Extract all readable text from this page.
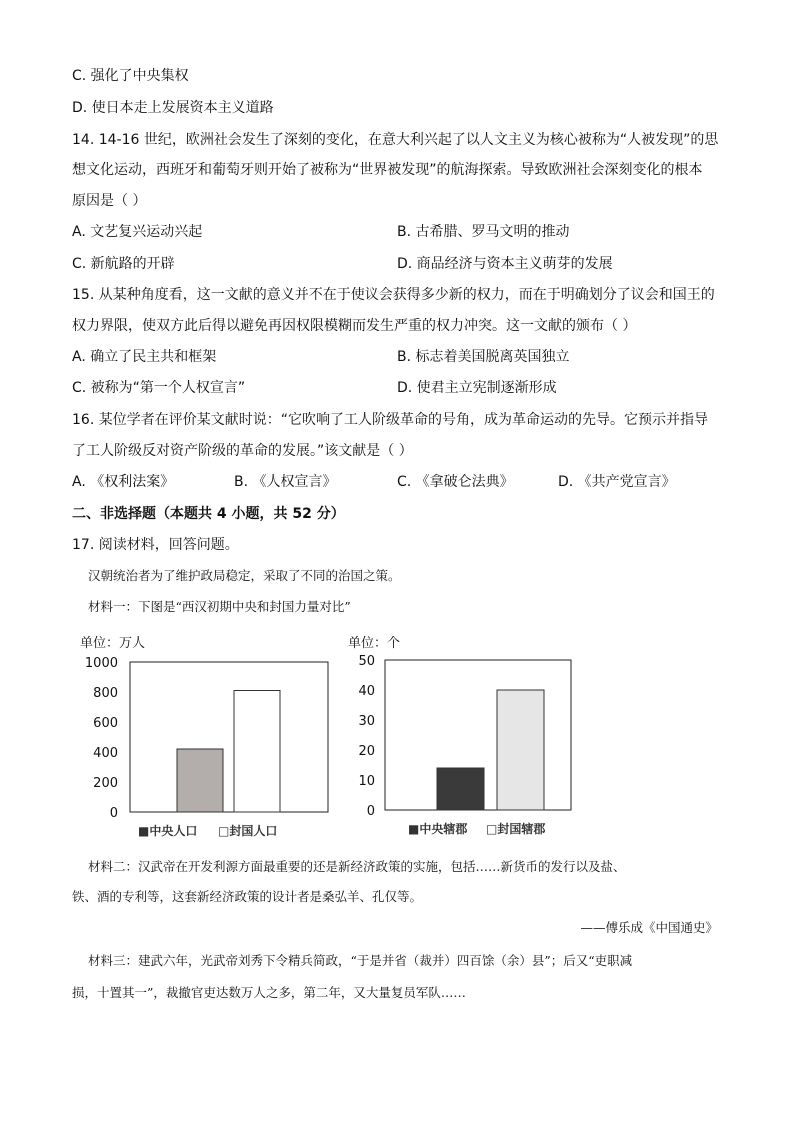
C. 强化了中央集权
D. 使日本走上发展资本主义道路
14. 14-16 世纪，欧洲社会发生了深刻的变化，在意大利兴起了以人文主义为核心被称为“人被发现”的思
想文化运动，西班牙和葡萄牙则开始了被称为“世界被发现”的航海探索。导致欧洲社会深刻变化的根本
原因是（ ）
A. 文艺复兴运动兴起	B. 古希腊、罗马文明的推动
C. 新航路的开辟	D. 商品经济与资本主义萌芽的发展
15. 从某种角度看，这一文献的意义并不在于使议会获得多少新的权力，而在于明确划分了议会和国王的
权力界限，使双方此后得以避免再因权限模糊而发生严重的权力冲突。这一文献的颁布（ ）
A. 确立了民主共和框架	B. 标志着美国脱离英国独立
C. 被称为“第一个人权宣言”	D. 使君主立宪制逐渐形成
16. 某位学者在评价某文献时说：“它吹响了工人阶级革命的号角，成为革命运动的先导。它预示并指导
了工人阶级反对资产阶级的革命的发展。”该文献是（ ）
A. 《权利法案》	B. 《人权宣言》	C. 《拿破仑法典》	D. 《共产党宣言》
二、非选择题（本题共 4 小题，共 52 分）
17. 阅读材料，回答问题。
汉朝统治者为了维护政局稳定，采取了不同的治国之策。
材料一：下图是“西汉初期中央和封国力量对比”
单位：万人
0
200
400
600
800
1000
■中央人口 □封国人口
单位：个
0
10
20
30
40
50
■中央辖郡 □封国辖郡
材料二：汉武帝在开发利源方面最重要的还是新经济政策的实施，包括……新货币的发行以及盐、
铁、酒的专利等，这套新经济政策的设计者是桑弘羊、孔仅等。
——傅乐成《中国通史》
材料三：建武六年，光武帝刘秀下令精兵简政，“于是并省（裁并）四百馀（余）县”；后又“吏职减
损，十置其一”，裁撤官吏达数万人之多，第二年，又大量复员军队……
